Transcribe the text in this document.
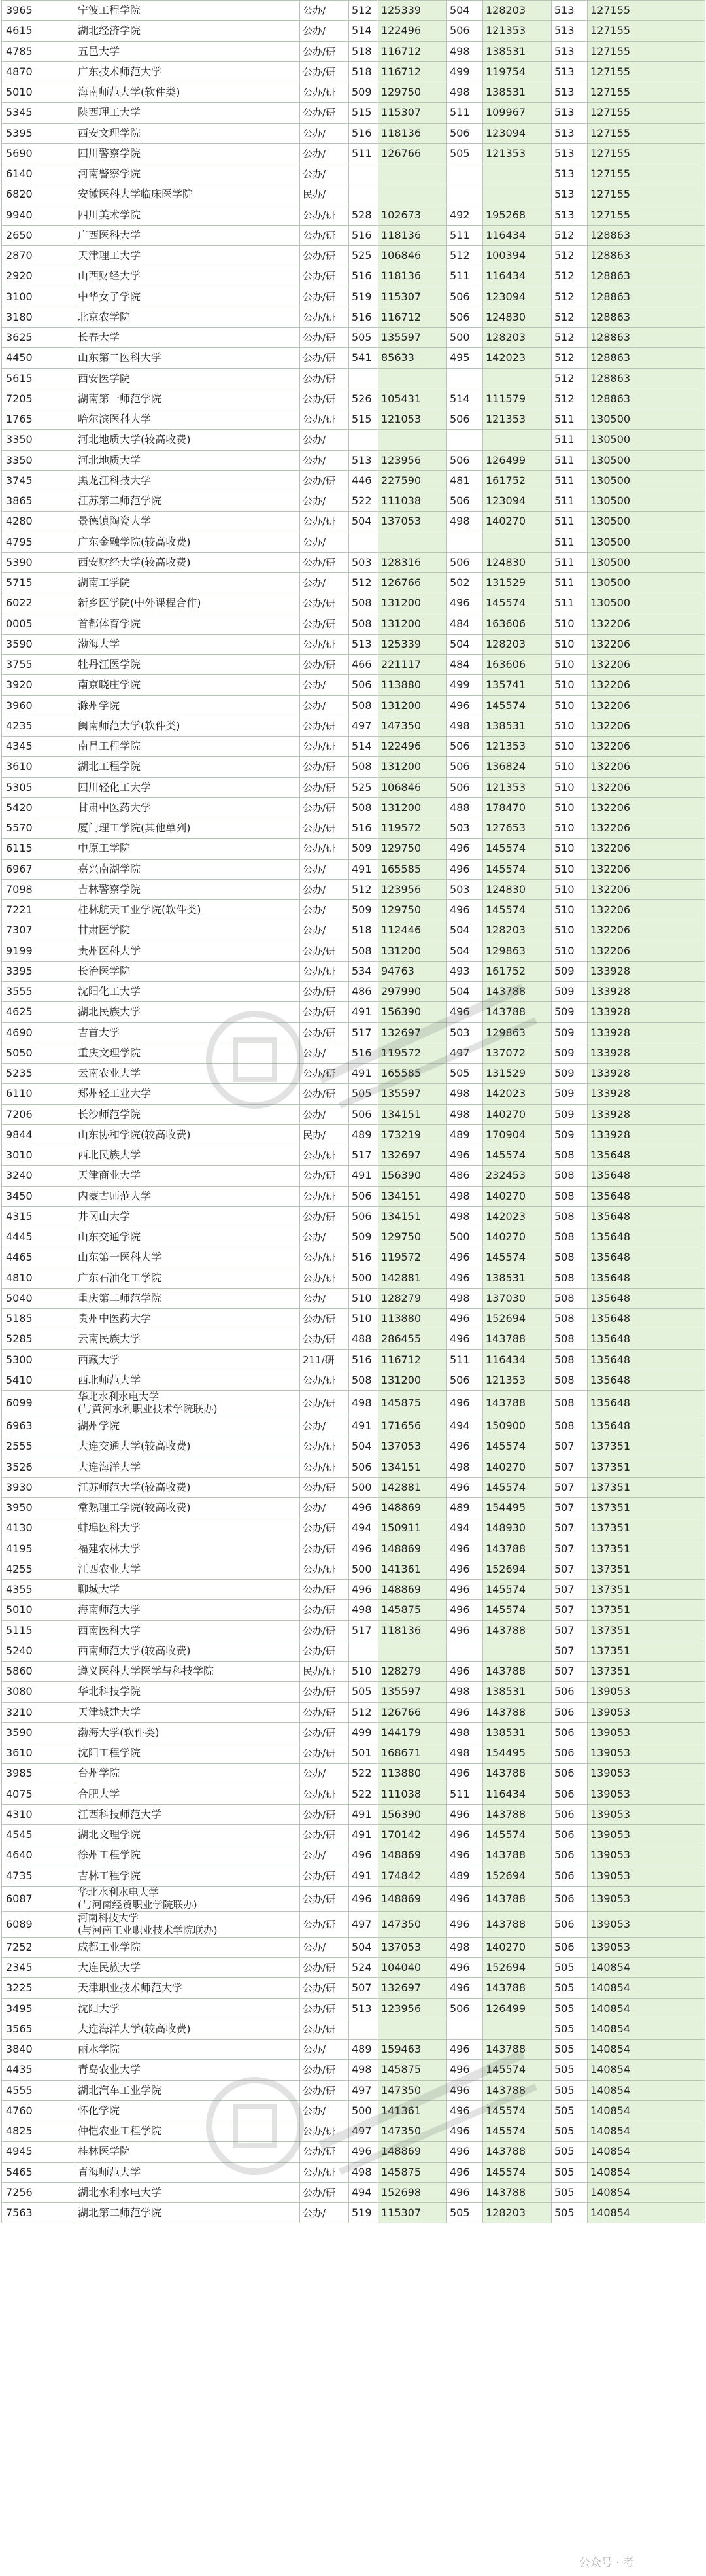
3965	宁波工程学院	公办/	512	125339	504	128203	513	127155
4615	湖北经济学院	公办/	514	122496	506	121353	513	127155
4785	五邑大学	公办/研	518	116712	498	138531	513	127155
4870	广东技术师范大学	公办/研	518	116712	499	119754	513	127155
5010	海南师范大学(软件类)	公办/研	509	129750	498	138531	513	127155
5345	陕西理工大学	公办/研	515	115307	511	109967	513	127155
5395	西安文理学院	公办/	516	118136	506	123094	513	127155
5690	四川警察学院	公办/	511	126766	505	121353	513	127155
6140	河南警察学院	公办/					513	127155
6820	安徽医科大学临床医学院	民办/					513	127155
9940	四川美术学院	公办/研	528	102673	492	195268	513	127155
2650	广西医科大学	公办/研	516	118136	511	116434	512	128863
2870	天津理工大学	公办/研	525	106846	512	100394	512	128863
2920	山西财经大学	公办/研	516	118136	511	116434	512	128863
3100	中华女子学院	公办/研	519	115307	506	123094	512	128863
3180	北京农学院	公办/研	516	116712	506	124830	512	128863
3625	长春大学	公办/研	505	135597	500	128203	512	128863
4450	山东第二医科大学	公办/研	541	85633	495	142023	512	128863
5615	西安医学院	公办/研					512	128863
7205	湖南第一师范学院	公办/研	526	105431	514	111579	512	128863
1765	哈尔滨医科大学	公办/研	515	121053	506	121353	511	130500
3350	河北地质大学(较高收费)	公办/					511	130500
3350	河北地质大学	公办/	513	123956	506	126499	511	130500
3745	黑龙江科技大学	公办/研	446	227590	481	161752	511	130500
3865	江苏第二师范学院	公办/	522	111038	506	123094	511	130500
4280	景德镇陶瓷大学	公办/研	504	137053	498	140270	511	130500
4795	广东金融学院(较高收费)	公办/					511	130500
5390	西安财经大学(较高收费)	公办/研	503	128316	506	124830	511	130500
5715	湖南工学院	公办/	512	126766	502	131529	511	130500
6022	新乡医学院(中外课程合作)	公办/研	508	131200	496	145574	511	130500
0005	首都体育学院	公办/研	508	131200	484	163606	510	132206
3590	渤海大学	公办/研	513	125339	504	128203	510	132206
3755	牡丹江医学院	公办/研	466	221117	484	163606	510	132206
3920	南京晓庄学院	公办/	506	113880	499	135741	510	132206
3960	滁州学院	公办/	508	131200	496	145574	510	132206
4235	闽南师范大学(软件类)	公办/研	497	147350	498	138531	510	132206
4345	南昌工程学院	公办/研	514	122496	506	121353	510	132206
3610	湖北工程学院	公办/研	508	131200	506	136824	510	132206
5305	四川轻化工大学	公办/研	525	106846	506	121353	510	132206
5420	甘肃中医药大学	公办/研	508	131200	488	178470	510	132206
5570	厦门理工学院(其他单列)	公办/研	516	119572	503	127653	510	132206
6115	中原工学院	公办/研	509	129750	496	145574	510	132206
6967	嘉兴南湖学院	公办/	491	165585	496	145574	510	132206
7098	吉林警察学院	公办/	512	123956	503	124830	510	132206
7221	桂林航天工业学院(软件类)	公办/	509	129750	496	145574	510	132206
7307	甘肃医学院	公办/	518	112446	504	128203	510	132206
9199	贵州医科大学	公办/研	508	131200	504	129863	510	132206
3395	长治医学院	公办/研	534	94763	493	161752	509	133928
3555	沈阳化工大学	公办/研	486	297990	504	143788	509	133928
4625	湖北民族大学	公办/研	491	156390	496	143788	509	133928
4690	吉首大学	公办/研	517	132697	503	129863	509	133928
5050	重庆文理学院	公办/	516	119572	497	137072	509	133928
5235	云南农业大学	公办/研	491	165585	505	131529	509	133928
6110	郑州轻工业大学	公办/研	505	135597	498	142023	509	133928
7206	长沙师范学院	公办/	506	134151	498	140270	509	133928
9844	山东协和学院(较高收费)	民办/	489	173219	489	170904	509	133928
3010	西北民族大学	公办/研	517	132697	496	145574	508	135648
3240	天津商业大学	公办/研	491	156390	486	232453	508	135648
3450	内蒙古师范大学	公办/研	506	134151	498	140270	508	135648
4315	井冈山大学	公办/研	506	134151	498	142023	508	135648
4445	山东交通学院	公办/	509	129750	500	140270	508	135648
4465	山东第一医科大学	公办/研	516	119572	496	145574	508	135648
4810	广东石油化工学院	公办/研	500	142881	496	138531	508	135648
5040	重庆第二师范学院	公办/	510	128279	498	137030	508	135648
5185	贵州中医药大学	公办/研	510	113880	496	152694	508	135648
5285	云南民族大学	公办/研	488	286455	496	143788	508	135648
5300	西藏大学	211/研	516	116712	511	116434	508	135648
5410	西北师范大学	公办/研	508	131200	506	121353	508	135648
6099	华北水利水电大学
(与黄河水利职业技术学院联办)	公办/研	498	145875	496	143788	508	135648
6963	湖州学院	公办/	491	171656	494	150900	508	135648
2555	大连交通大学(较高收费)	公办/研	504	137053	496	145574	507	137351
3526	大连海洋大学	公办/研	506	134151	498	140270	507	137351
3930	江苏师范大学(较高收费)	公办/研	500	142881	496	145574	507	137351
3950	常熟理工学院(较高收费)	公办/	496	148869	489	154495	507	137351
4130	蚌埠医科大学	公办/研	494	150911	494	148930	507	137351
4195	福建农林大学	公办/研	496	148869	496	143788	507	137351
4255	江西农业大学	公办/研	500	141361	496	152694	507	137351
4355	聊城大学	公办/研	496	148869	496	145574	507	137351
5010	海南师范大学	公办/研	498	145875	496	145574	507	137351
5115	西南医科大学	公办/研	517	118136	496	143788	507	137351
5240	西南师范大学(较高收费)	公办/研					507	137351
5860	遵义医科大学医学与科技学院	民办/研	510	128279	496	143788	507	137351
3080	华北科技学院	公办/研	505	135597	498	138531	506	139053
3210	天津城建大学	公办/研	512	126766	496	143788	506	139053
3590	渤海大学(软件类)	公办/研	499	144179	498	138531	506	139053
3610	沈阳工程学院	公办/研	501	168671	498	154495	506	139053
3985	台州学院	公办/	522	113880	496	143788	506	139053
4075	合肥大学	公办/研	522	111038	511	116434	506	139053
4310	江西科技师范大学	公办/研	491	156390	496	143788	506	139053
4545	湖北文理学院	公办/研	491	170142	496	145574	506	139053
4640	徐州工程学院	公办/	496	148869	496	143788	506	139053
4735	吉林工程学院	公办/研	491	174842	489	152694	506	139053
6087	华北水利水电大学
(与河南经贸职业学院联办)	公办/研	496	148869	496	143788	506	139053
6089	河南科技大学
(与河南工业职业技术学院联办)	公办/研	497	147350	496	143788	506	139053
7252	成都工业学院	公办/	504	137053	498	140270	506	139053
2345	大连民族大学	公办/研	524	104040	496	152694	505	140854
3225	天津职业技术师范大学	公办/研	507	132697	496	143788	505	140854
3495	沈阳大学	公办/研	513	123956	506	126499	505	140854
3565	大连海洋大学(较高收费)	公办/研					505	140854
3840	丽水学院	公办/	489	159463	496	143788	505	140854
4435	青岛农业大学	公办/研	498	145875	496	145574	505	140854
4555	湖北汽车工业学院	公办/研	497	147350	496	143788	505	140854
4760	怀化学院	公办/	500	141361	496	145574	505	140854
4825	仲恺农业工程学院	公办/研	497	147350	496	145574	505	140854
4945	桂林医学院	公办/研	496	148869	496	143788	505	140854
5465	青海师范大学	公办/研	498	145875	496	145574	505	140854
7256	湖北水利水电大学	公办/研	494	152698	496	143788	505	140854
7563	湖北第二师范学院	公办/	519	115307	505	128203	505	140854
公众号 · 考
